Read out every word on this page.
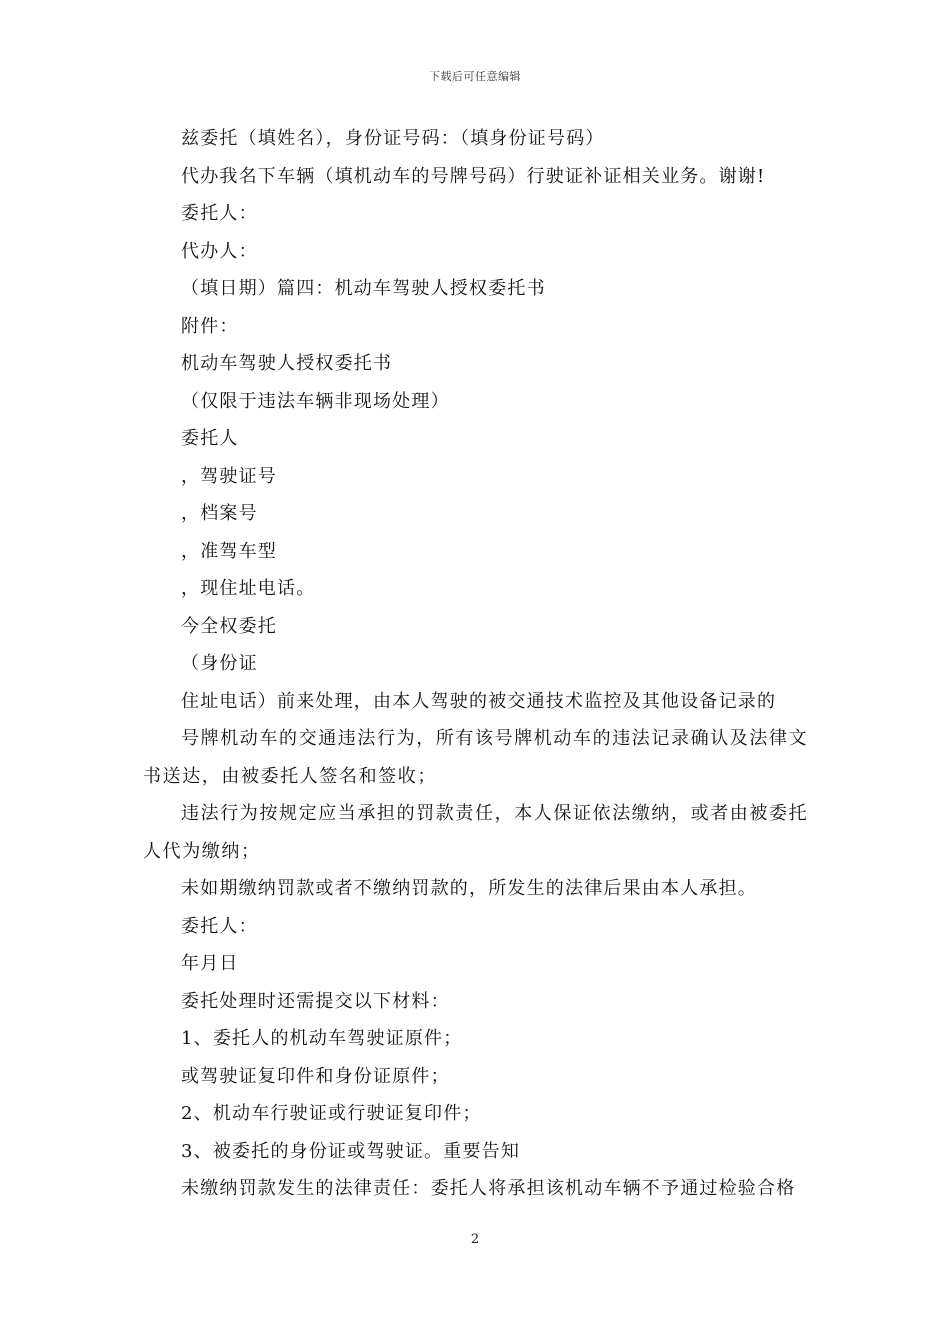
下载后可任意编辑

兹委托（填姓名），身份证号码：（填身份证号码）

代办我名下车辆（填机动车的号牌号码）行驶证补证相关业务。谢谢!

委托人：

代办人：

（填日期）篇四：机动车驾驶人授权委托书

附件：

机动车驾驶人授权委托书

（仅限于违法车辆非现场处理）

委托人

，驾驶证号

，档案号

，准驾车型

，现住址电话。

今全权委托

（身份证

住址电话）前来处理，由本人驾驶的被交通技术监控及其他设备记录的

号牌机动车的交通违法行为，所有该号牌机动车的违法记录确认及法律文书送达，由被委托人签名和签收；

违法行为按规定应当承担的罚款责任，本人保证依法缴纳，或者由被委托人代为缴纳；

未如期缴纳罚款或者不缴纳罚款的，所发生的法律后果由本人承担。

委托人：

年月日

委托处理时还需提交以下材料：

1、委托人的机动车驾驶证原件；

或驾驶证复印件和身份证原件；

2、机动车行驶证或行驶证复印件；

3、被委托的身份证或驾驶证。重要告知

未缴纳罚款发生的法律责任：委托人将承担该机动车辆不予通过检验合格

2
